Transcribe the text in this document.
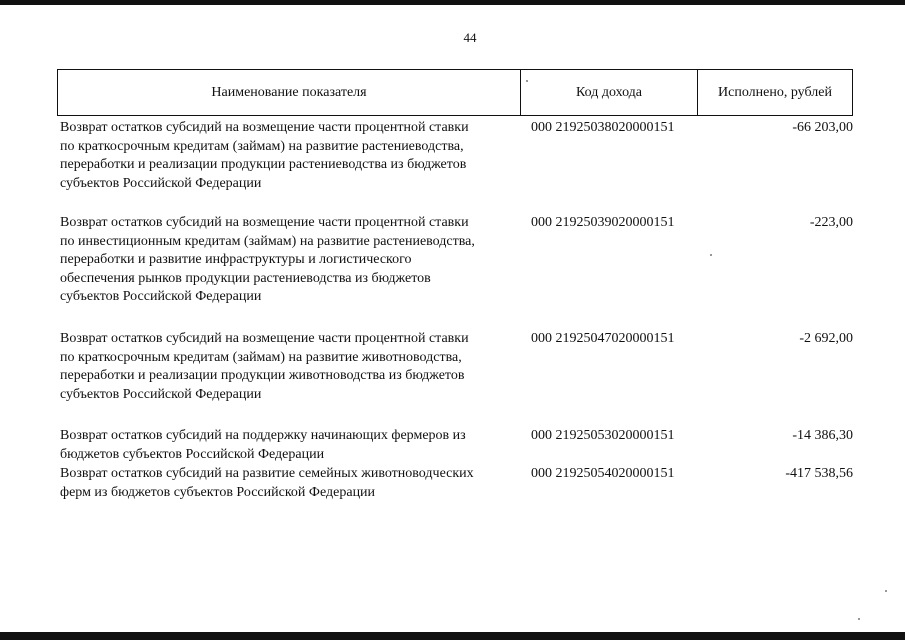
44
Наименование показателя	Код дохода	Исполнено, рублей
Возврат остатков субсидий на возмещение части процентной ставки
по краткосрочным кредитам (займам) на развитие растениеводства,
переработки и реализации продукции растениеводства из бюджетов
субъектов Российской Федерации
000 21925038020000151	-66 203,00
Возврат остатков субсидий на возмещение части процентной ставки
по инвестиционным кредитам (займам) на развитие растениеводства,
переработки и развитие инфраструктуры и логистического
обеспечения рынков продукции растениеводства из бюджетов
субъектов Российской Федерации
000 21925039020000151	-223,00
Возврат остатков субсидий на возмещение части процентной ставки
по краткосрочным кредитам (займам) на развитие животноводства,
переработки и реализации продукции животноводства из бюджетов
субъектов Российской Федерации
000 21925047020000151	-2 692,00
Возврат остатков субсидий на поддержку начинающих фермеров из
бюджетов субъектов Российской Федерации
000 21925053020000151	-14 386,30
Возврат остатков субсидий на развитие семейных животноводческих
ферм из бюджетов субъектов Российской Федерации
000 21925054020000151	-417 538,56
